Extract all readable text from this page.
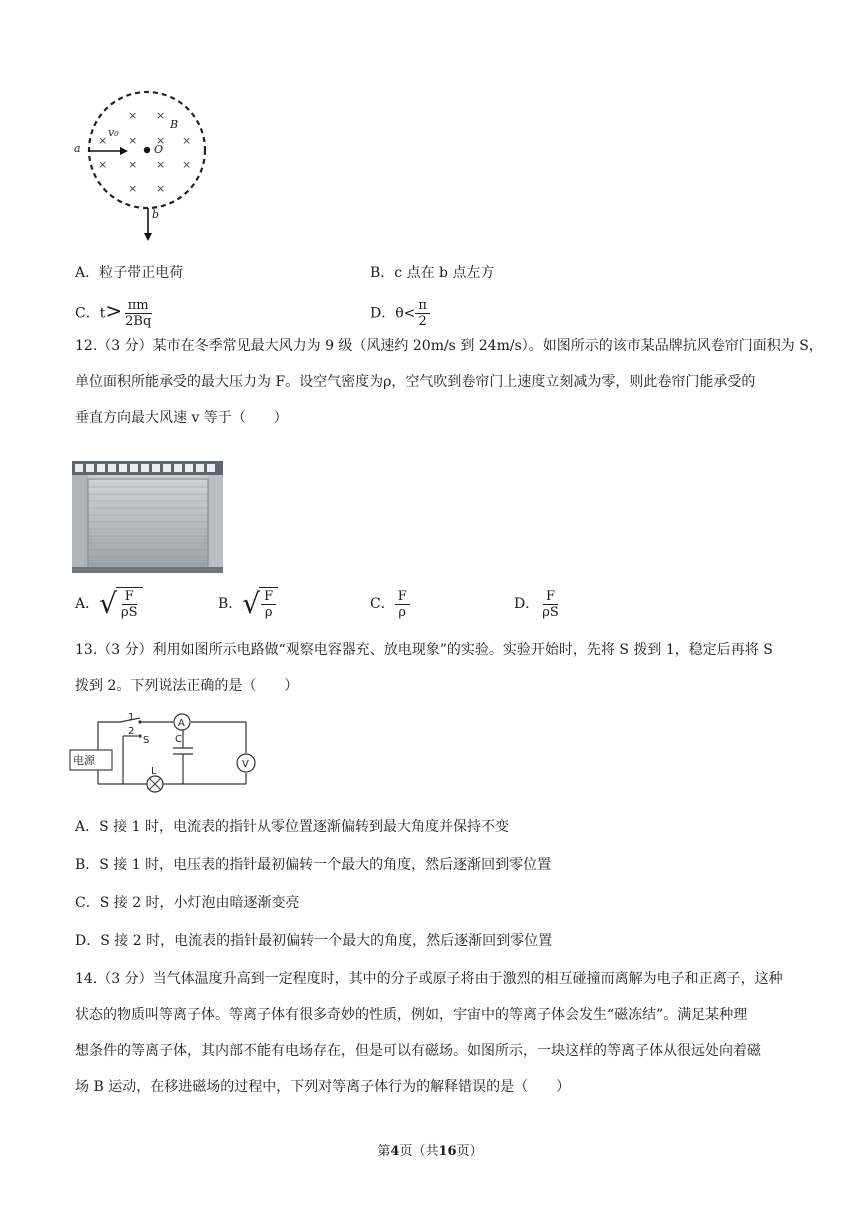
× ×
× × × ×
× × × ×
× ×
a
v₀
B
O
b
A．粒子带正电荷	B．c 点在 b 点左方
C．$t> \frac{\pi m}{2Bq}$	D．$\theta< \frac{\pi}{2}$
12.（3 分）某市在冬季常见最大风力为 9 级（风速约 20m/s 到 24m/s）。如图所示的该市某品牌抗风卷帘门面积为 S，
单位面积所能承受的最大压力为 F。设空气密度为ρ，空气吹到卷帘门上速度立刻减为零，则此卷帘门能承受的
垂直方向最大风速 v 等于（　　）
A． √ $\frac{F}{\rho S}$	B． √ $\frac{F}{\rho}$	C． $\frac{F}{\rho}$	D． $\frac{F}{\rho S}$
13.（3 分）利用如图所示电路做“观察电容器充、放电现象”的实验。实验开始时，先将 S 拨到 1，稳定后再将 S
拨到 2。下列说法正确的是（　　）
电源
1
2
S
A
C
V
L
A．S 接 1 时，电流表的指针从零位置逐渐偏转到最大角度并保持不变
B．S 接 1 时，电压表的指针最初偏转一个最大的角度，然后逐渐回到零位置
C．S 接 2 时，小灯泡由暗逐渐变亮
D．S 接 2 时，电流表的指针最初偏转一个最大的角度，然后逐渐回到零位置
14.（3 分）当气体温度升高到一定程度时，其中的分子或原子将由于激烈的相互碰撞而离解为电子和正离子，这种
状态的物质叫等离子体。等离子体有很多奇妙的性质，例如，宇宙中的等离子体会发生“磁冻结”。满足某种理
想条件的等离子体，其内部不能有电场存在，但是可以有磁场。如图所示，一块这样的等离子体从很远处向着磁
场 B 运动，在移进磁场的过程中，下列对等离子体行为的解释错误的是（　　）
第4页（共16页）
